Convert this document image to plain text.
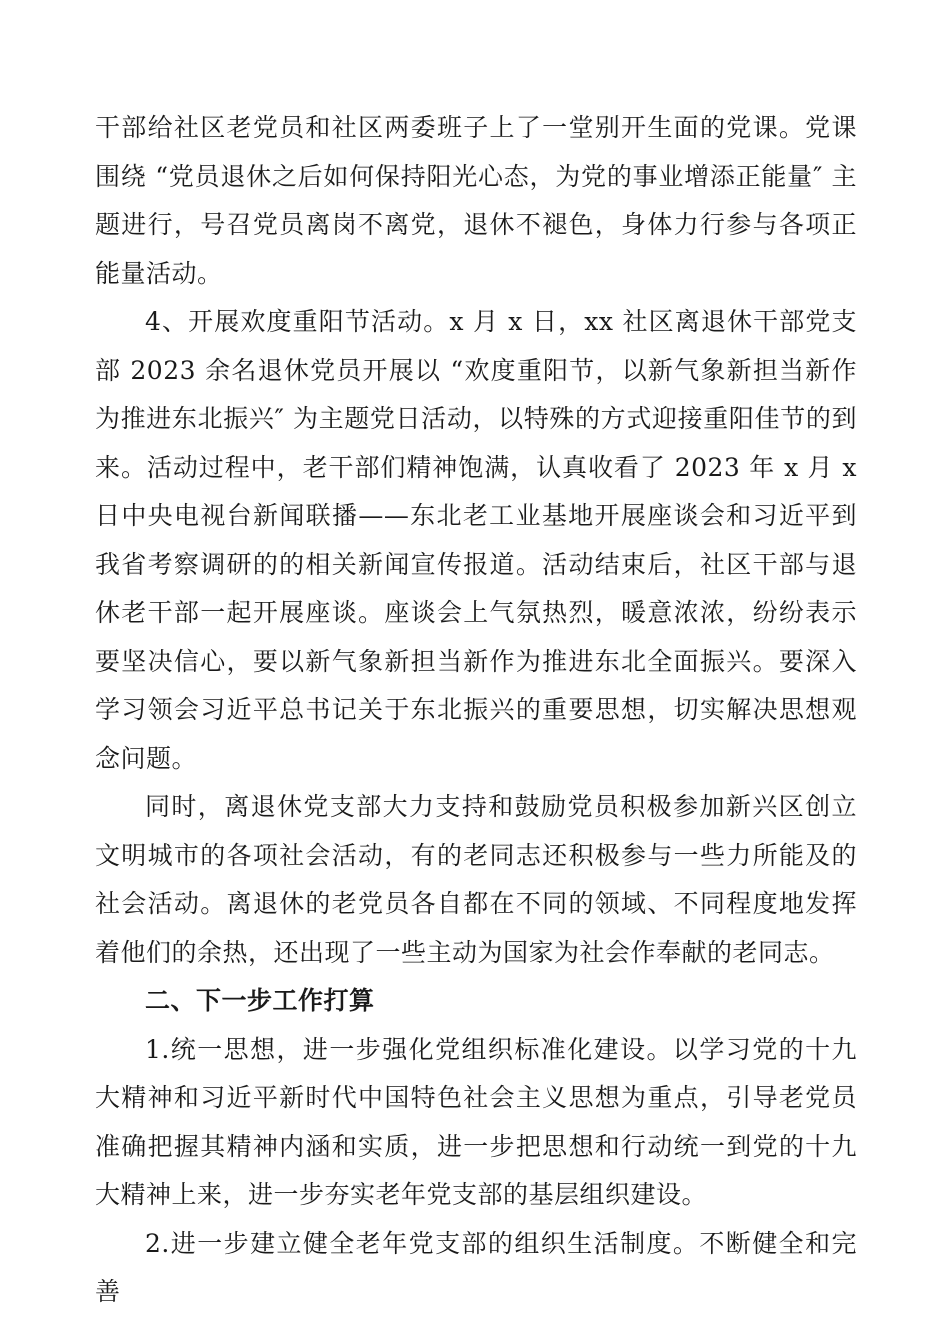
干部给社区老党员和社区两委班子上了一堂别开生面的党课。党课围绕 “党员退休之后如何保持阳光心态，为党的事业增添正能量″ 主题进行，号召党员离岗不离党，退休不褪色，身体力行参与各项正能量活动。

4、开展欢度重阳节活动。x 月 x 日，xx 社区离退休干部党支部 2023 余名退休党员开展以 “欢度重阳节，以新气象新担当新作为推进东北振兴″ 为主题党日活动，以特殊的方式迎接重阳佳节的到来。活动过程中，老干部们精神饱满，认真收看了 2023 年 x 月 x 日中央电视台新闻联播——东北老工业基地开展座谈会和习近平到我省考察调研的的相关新闻宣传报道。活动结束后，社区干部与退休老干部一起开展座谈。座谈会上气氛热烈，暖意浓浓，纷纷表示要坚决信心，要以新气象新担当新作为推进东北全面振兴。要深入学习领会习近平总书记关于东北振兴的重要思想，切实解决思想观念问题。

同时，离退休党支部大力支持和鼓励党员积极参加新兴区创立文明城市的各项社会活动，有的老同志还积极参与一些力所能及的社会活动。离退休的老党员各自都在不同的领域、不同程度地发挥着他们的余热，还出现了一些主动为国家为社会作奉献的老同志。

二、下一步工作打算

1.统一思想，进一步强化党组织标准化建设。以学习党的十九大精神和习近平新时代中国特色社会主义思想为重点，引导老党员准确把握其精神内涵和实质，进一步把思想和行动统一到党的十九大精神上来，进一步夯实老年党支部的基层组织建设。

2.进一步建立健全老年党支部的组织生活制度。不断健全和完善
